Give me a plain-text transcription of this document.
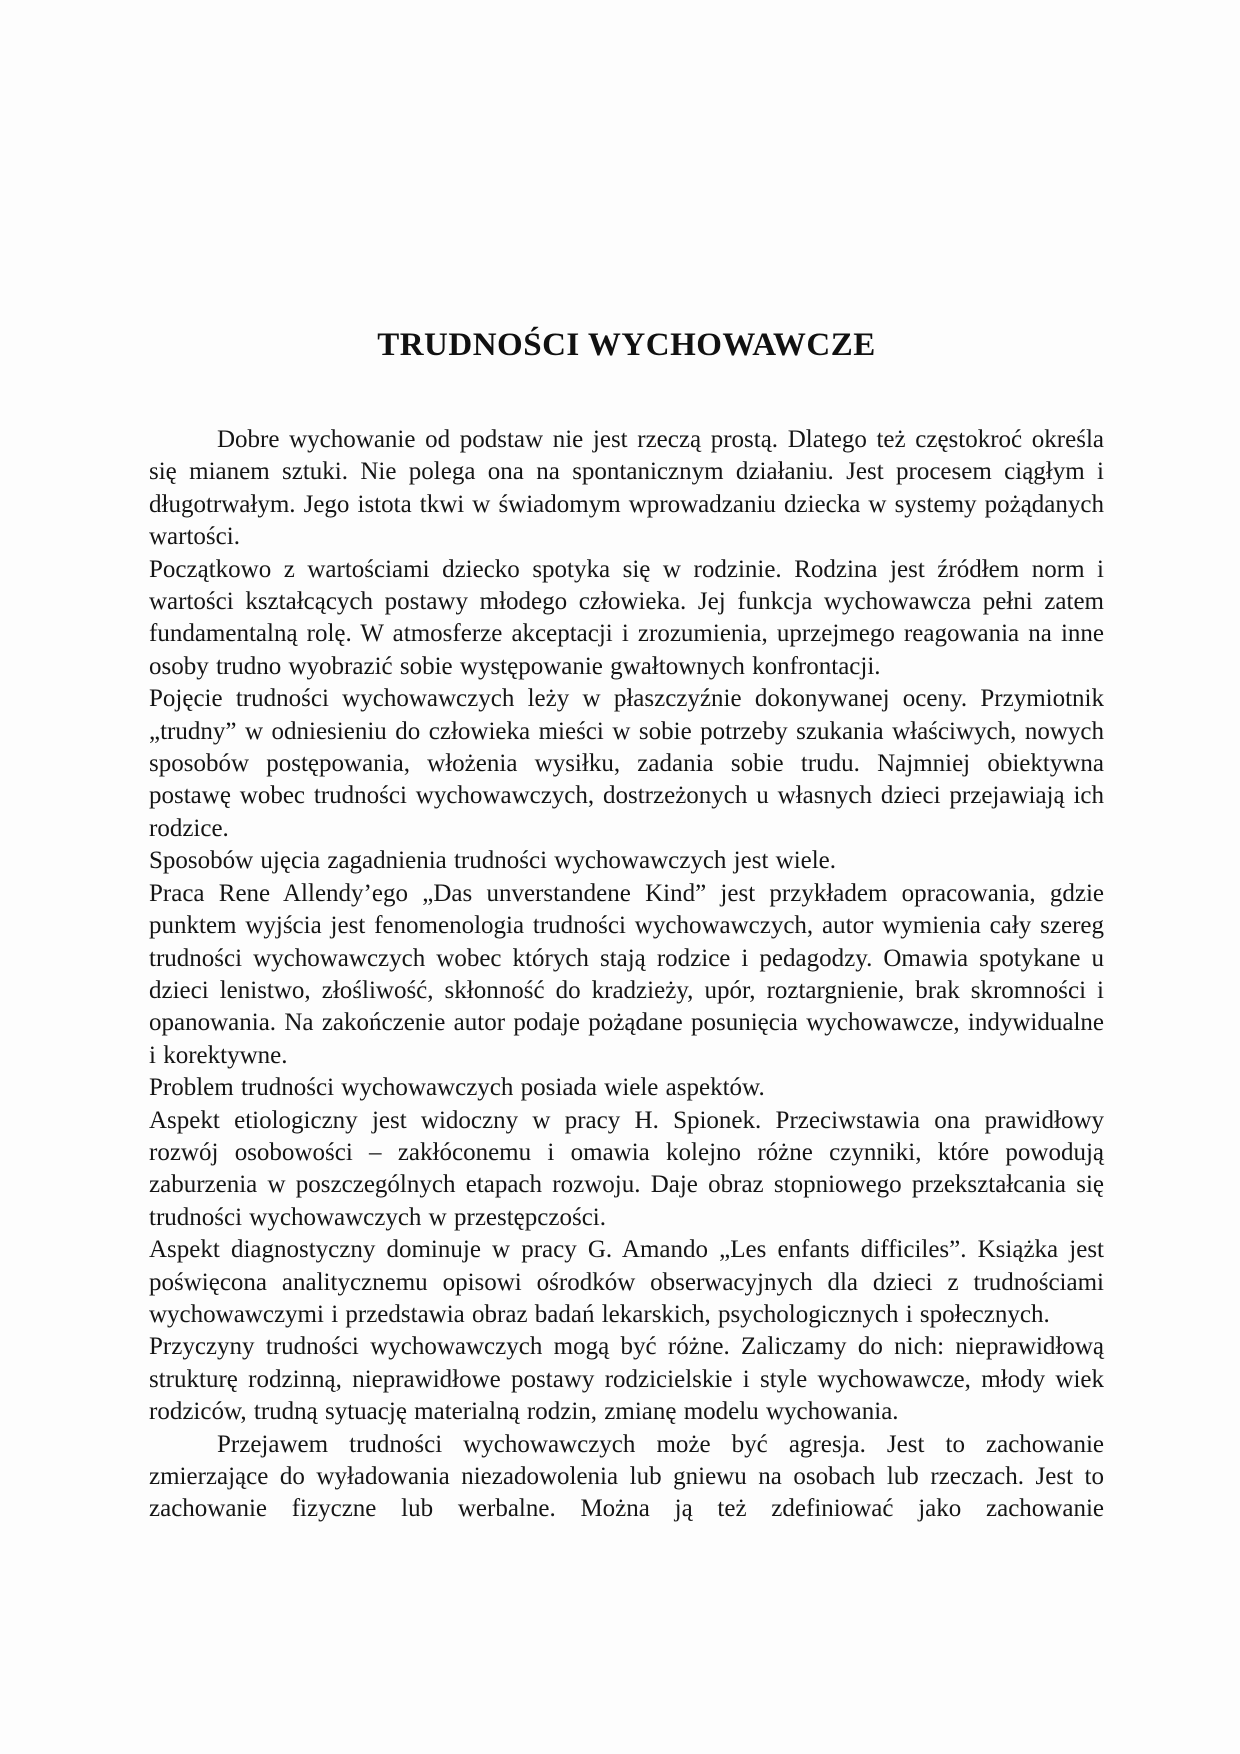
TRUDNOŚCI WYCHOWAWCZE

Dobre wychowanie od podstaw nie jest rzeczą prostą. Dlatego też częstokroć określa się mianem sztuki. Nie polega ona na spontanicznym działaniu. Jest procesem ciągłym i długotrwałym. Jego istota tkwi w świadomym wprowadzaniu dziecka w systemy pożądanych wartości.

Początkowo z wartościami dziecko spotyka się w rodzinie. Rodzina jest źródłem norm i wartości kształcących postawy młodego człowieka. Jej funkcja wychowawcza pełni zatem fundamentalną rolę. W atmosferze akceptacji i zrozumienia, uprzejmego reagowania na inne osoby trudno wyobrazić sobie występowanie gwałtownych konfrontacji.

Pojęcie trudności wychowawczych leży w płaszczyźnie dokonywanej oceny. Przymiotnik „trudny” w odniesieniu do człowieka mieści w sobie potrzeby szukania właściwych, nowych sposobów postępowania, włożenia wysiłku, zadania sobie trudu. Najmniej obiektywna postawę wobec trudności wychowawczych, dostrzeżonych u własnych dzieci przejawiają ich rodzice.

Sposobów ujęcia zagadnienia trudności wychowawczych jest wiele.

Praca Rene Allendy’ego „Das unverstandene Kind” jest przykładem opracowania, gdzie punktem wyjścia jest fenomenologia trudności wychowawczych, autor wymienia cały szereg trudności wychowawczych wobec których stają rodzice i pedagodzy. Omawia spotykane u dzieci lenistwo, złośliwość, skłonność do kradzieży, upór, roztargnienie, brak skromności i opanowania. Na zakończenie autor podaje pożądane posunięcia wychowawcze, indywidualne i korektywne.

Problem trudności wychowawczych posiada wiele aspektów.

Aspekt etiologiczny jest widoczny w pracy H. Spionek. Przeciwstawia ona prawidłowy rozwój osobowości – zakłóconemu i omawia kolejno różne czynniki, które powodują zaburzenia w poszczególnych etapach rozwoju. Daje obraz stopniowego przekształcania się trudności wychowawczych w przestępczości.

Aspekt diagnostyczny dominuje w pracy G. Amando „Les enfants difficiles”. Książka jest poświęcona analitycznemu opisowi ośrodków obserwacyjnych dla dzieci z trudnościami wychowawczymi i przedstawia obraz badań lekarskich, psychologicznych i społecznych.

Przyczyny trudności wychowawczych mogą być różne. Zaliczamy do nich: nieprawidłową strukturę rodzinną, nieprawidłowe postawy rodzicielskie i style wychowawcze, młody wiek rodziców, trudną sytuację materialną rodzin, zmianę modelu wychowania.

Przejawem trudności wychowawczych może być agresja. Jest to zachowanie zmierzające do wyładowania niezadowolenia lub gniewu na osobach lub rzeczach. Jest to zachowanie fizyczne lub werbalne. Można ją też zdefiniować jako zachowanie
